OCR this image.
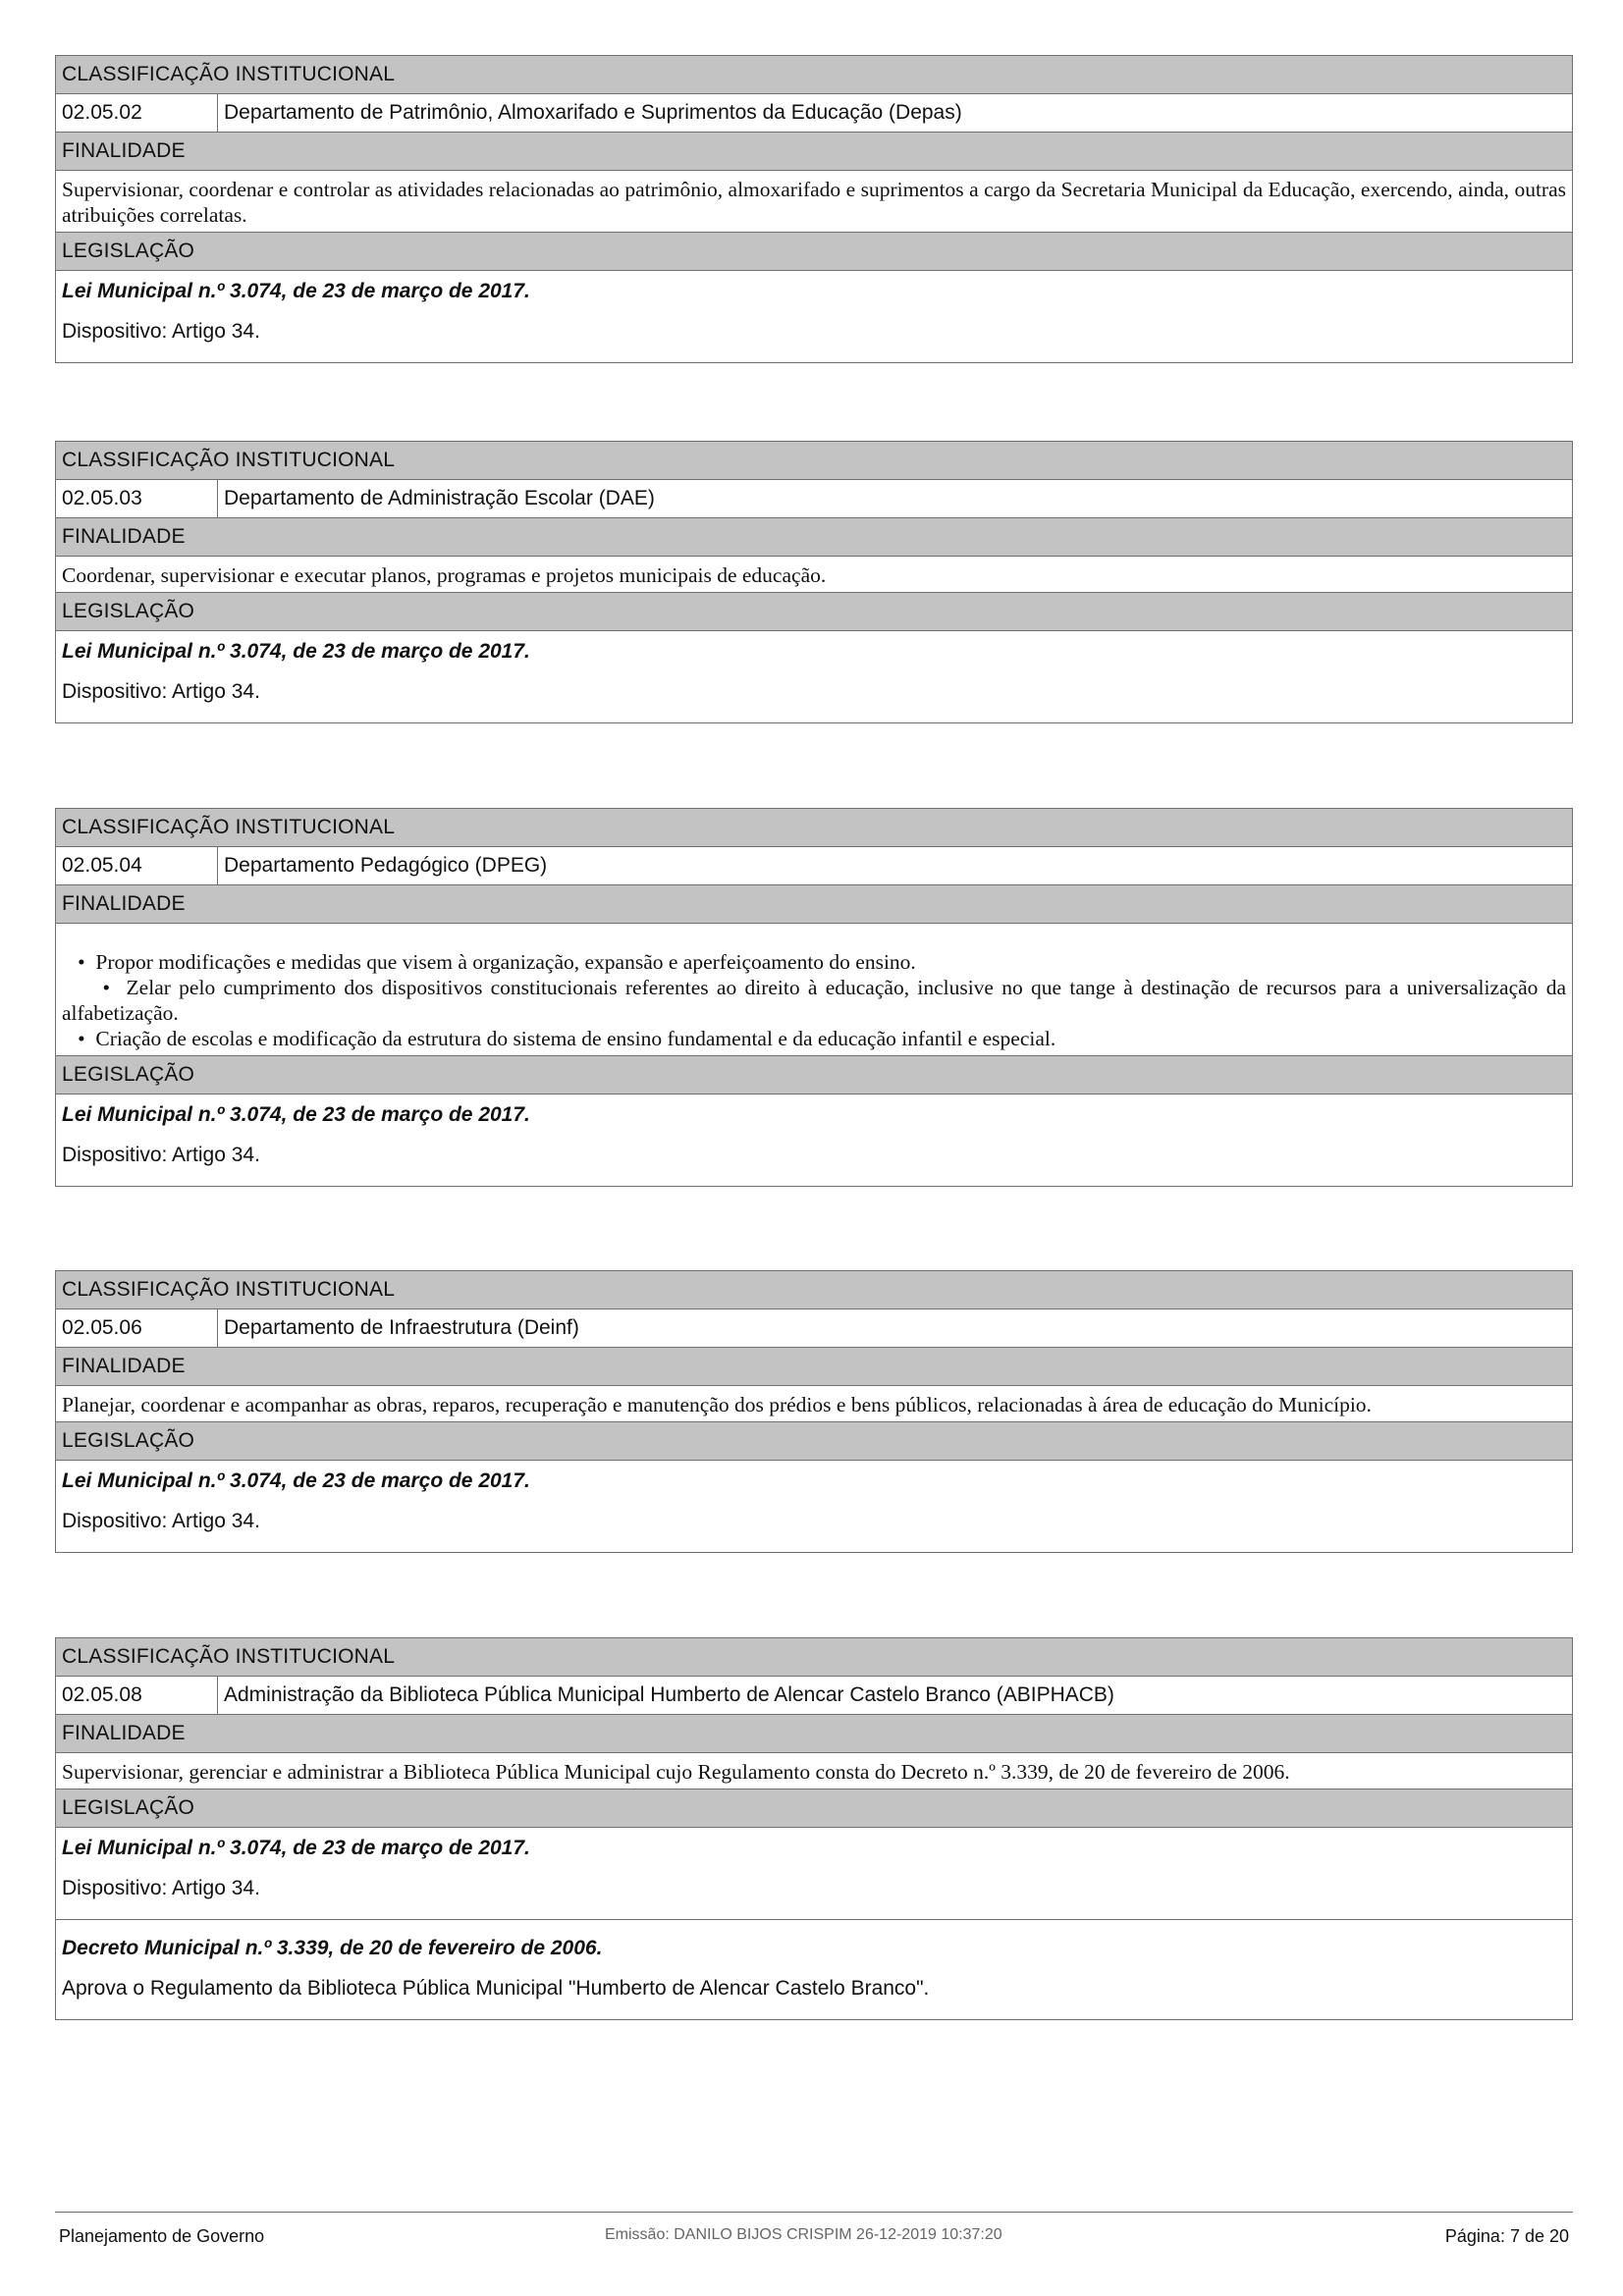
CLASSIFICAÇÃO INSTITUCIONAL
02.05.02	Departamento de Patrimônio, Almoxarifado e Suprimentos da Educação (Depas)
FINALIDADE
Supervisionar, coordenar e controlar as atividades relacionadas ao patrimônio, almoxarifado e suprimentos a cargo da Secretaria Municipal da Educação, exercendo, ainda, outras atribuições correlatas.
LEGISLAÇÃO
Lei Municipal n.º 3.074, de 23 de março de 2017.
Dispositivo: Artigo 34.
CLASSIFICAÇÃO INSTITUCIONAL
02.05.03	Departamento de Administração Escolar (DAE)
FINALIDADE
Coordenar, supervisionar e executar planos, programas e projetos municipais de educação.
LEGISLAÇÃO
Lei Municipal n.º 3.074, de 23 de março de 2017.
Dispositivo: Artigo 34.
CLASSIFICAÇÃO INSTITUCIONAL
02.05.04	Departamento Pedagógico (DPEG)
FINALIDADE
•  Propor modificações e medidas que visem à organização, expansão e aperfeiçoamento do ensino.
•  Zelar pelo cumprimento dos dispositivos constitucionais referentes ao direito à educação, inclusive no que tange à destinação de recursos para a universalização da alfabetização.
•  Criação de escolas e modificação da estrutura do sistema de ensino fundamental e da educação infantil e especial.
LEGISLAÇÃO
Lei Municipal n.º 3.074, de 23 de março de 2017.
Dispositivo: Artigo 34.
CLASSIFICAÇÃO INSTITUCIONAL
02.05.06	Departamento de Infraestrutura (Deinf)
FINALIDADE
Planejar, coordenar e acompanhar as obras, reparos, recuperação e manutenção dos prédios e bens públicos, relacionadas à área de educação do Município.
LEGISLAÇÃO
Lei Municipal n.º 3.074, de 23 de março de 2017.
Dispositivo: Artigo 34.
CLASSIFICAÇÃO INSTITUCIONAL
02.05.08	Administração da Biblioteca Pública Municipal Humberto de Alencar Castelo Branco (ABIPHACB)
FINALIDADE
Supervisionar, gerenciar e administrar a Biblioteca Pública Municipal cujo Regulamento consta do Decreto n.º 3.339, de 20 de fevereiro de 2006.
LEGISLAÇÃO
Lei Municipal n.º 3.074, de 23 de março de 2017.
Dispositivo: Artigo 34.
Decreto Municipal n.º 3.339, de 20 de fevereiro de 2006.
Aprova o Regulamento da Biblioteca Pública Municipal "Humberto de Alencar Castelo Branco".
Planejamento de Governo	Emissão: DANILO BIJOS CRISPIM 26-12-2019 10:37:20	Página: 7 de 20
